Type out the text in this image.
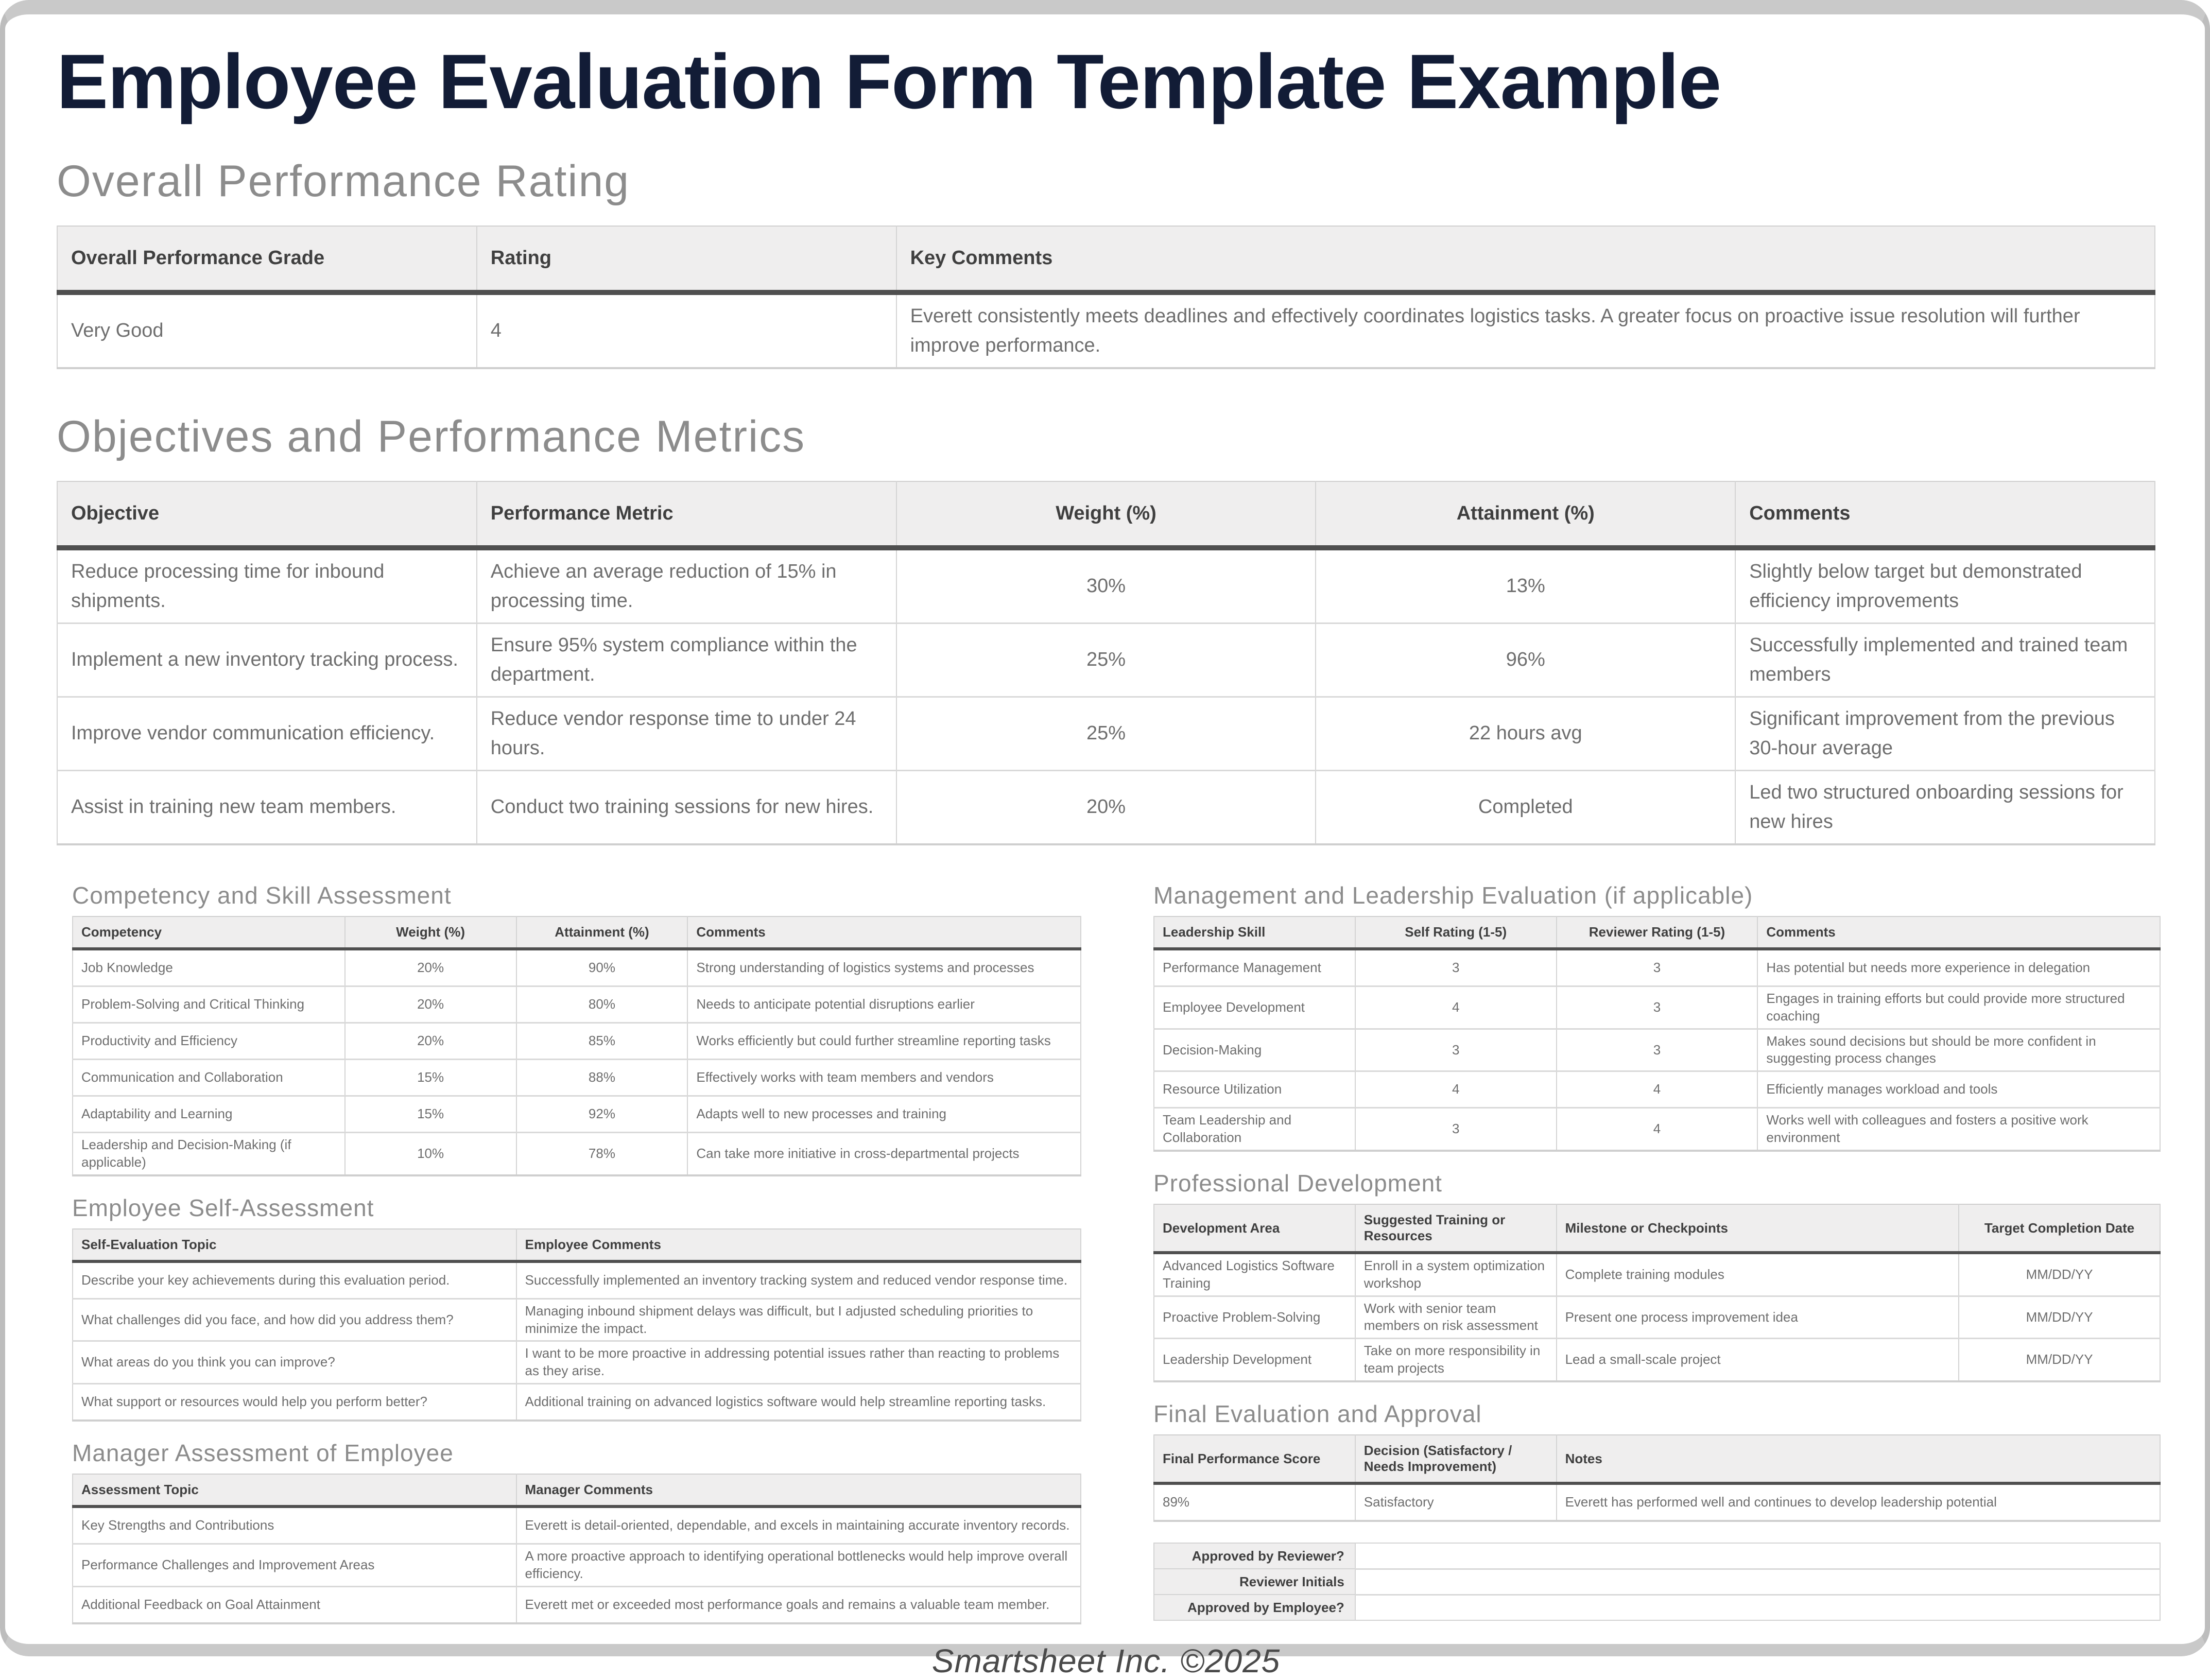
Employee Evaluation Form Template Example
Overall Performance Rating
Overall Performance Grade	Rating	Key Comments
Very Good	4	Everett consistently meets deadlines and effectively coordinates logistics tasks. A greater focus on proactive issue resolution will further improve performance.
Objectives and Performance Metrics
Objective	Performance Metric	Weight (%)	Attainment (%)	Comments
Reduce processing time for inbound shipments.	Achieve an average reduction of 15% in processing time.	30%	13%	Slightly below target but demonstrated efficiency improvements
Implement a new inventory tracking process.	Ensure 95% system compliance within the department.	25%	96%	Successfully implemented and trained team members
Improve vendor communication efficiency.	Reduce vendor response time to under 24 hours.	25%	22 hours avg	Significant improvement from the previous 30-hour average
Assist in training new team members.	Conduct two training sessions for new hires.	20%	Completed	Led two structured onboarding sessions for new hires
Competency and Skill Assessment
Competency	Weight (%)	Attainment (%)	Comments
Job Knowledge	20%	90%	Strong understanding of logistics systems and processes
Problem-Solving and Critical Thinking	20%	80%	Needs to anticipate potential disruptions earlier
Productivity and Efficiency	20%	85%	Works efficiently but could further streamline reporting tasks
Communication and Collaboration	15%	88%	Effectively works with team members and vendors
Adaptability and Learning	15%	92%	Adapts well to new processes and training
Leadership and Decision-Making (if applicable)	10%	78%	Can take more initiative in cross-departmental projects
Employee Self-Assessment
Self-Evaluation Topic	Employee Comments
Describe your key achievements during this evaluation period.	Successfully implemented an inventory tracking system and reduced vendor response time.
What challenges did you face, and how did you address them?	Managing inbound shipment delays was difficult, but I adjusted scheduling priorities to minimize the impact.
What areas do you think you can improve?	I want to be more proactive in addressing potential issues rather than reacting to problems as they arise.
What support or resources would help you perform better?	Additional training on advanced logistics software would help streamline reporting tasks.
Manager Assessment of Employee
Assessment Topic	Manager Comments
Key Strengths and Contributions	Everett is detail-oriented, dependable, and excels in maintaining accurate inventory records.
Performance Challenges and Improvement Areas	A more proactive approach to identifying operational bottlenecks would help improve overall efficiency.
Additional Feedback on Goal Attainment	Everett met or exceeded most performance goals and remains a valuable team member.
Management and Leadership Evaluation (if applicable)
Leadership Skill	Self Rating (1-5)	Reviewer Rating (1-5)	Comments
Performance Management	3	3	Has potential but needs more experience in delegation
Employee Development	4	3	Engages in training efforts but could provide more structured coaching
Decision-Making	3	3	Makes sound decisions but should be more confident in suggesting process changes
Resource Utilization	4	4	Efficiently manages workload and tools
Team Leadership and Collaboration	3	4	Works well with colleagues and fosters a positive work environment
Professional Development
Development Area	Suggested Training or Resources	Milestone or Checkpoints	Target Completion Date
Advanced Logistics Software Training	Enroll in a system optimization workshop	Complete training modules	MM/DD/YY
Proactive Problem-Solving	Work with senior team members on risk assessment	Present one process improvement idea	MM/DD/YY
Leadership Development	Take on more responsibility in team projects	Lead a small-scale project	MM/DD/YY
Final Evaluation and Approval
Final Performance Score	Decision (Satisfactory / Needs Improvement)	Notes
89%	Satisfactory	Everett has performed well and continues to develop leadership potential
Approved by Reviewer?	
Reviewer Initials	
Approved by Employee?	
Smartsheet Inc. ©2025
